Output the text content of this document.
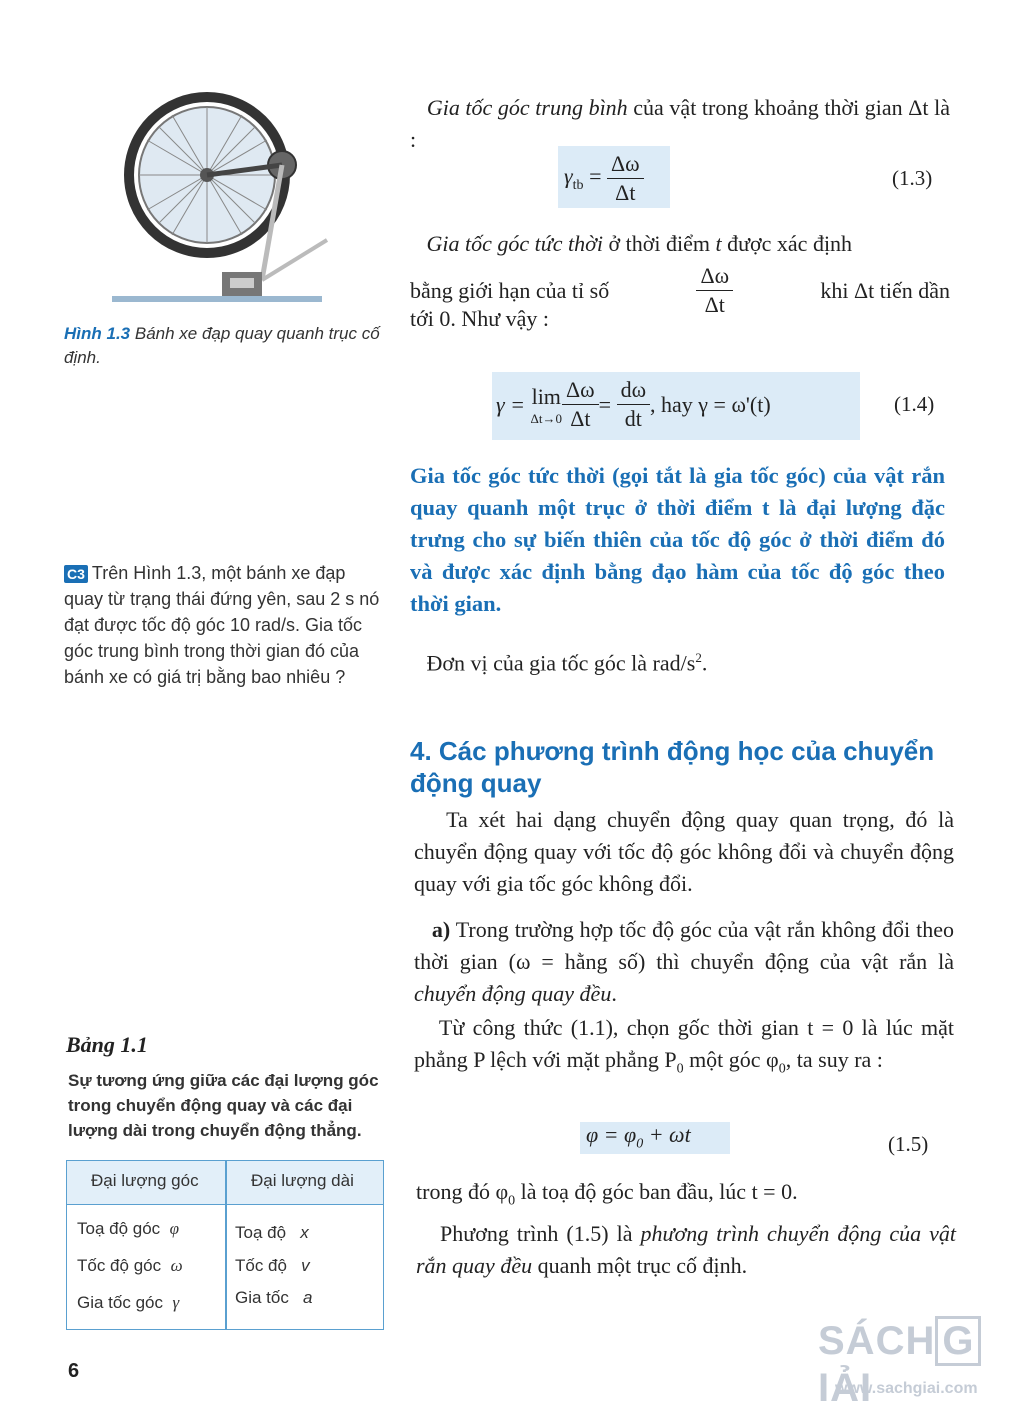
Hình 1.3 Bánh xe đạp quay quanh trục cố định.
C3 Trên Hình 1.3, một bánh xe đạp quay từ trạng thái đứng yên, sau 2 s nó đạt được tốc độ góc 10 rad/s. Gia tốc góc trung bình trong thời gian đó của bánh xe có giá trị bằng bao nhiêu ?
Bảng 1.1
Sự tương ứng giữa các đại lượng góc trong chuyển động quay và các đại lượng dài trong chuyển động thẳng.
Đại lượng góc	Đại lượng dài
Toạ độ góc φ	Toạ độ x
Tốc độ góc ω	Tốc độ v
Gia tốc góc γ	Gia tốc a
6
Gia tốc góc trung bình của vật trong khoảng thời gian Δt là :
$\gamma_{tb} = \frac{\Delta\omega}{\Delta t}$	(1.3)
Gia tốc góc tức thời ở thời điểm t được xác định
bằng giới hạn của tỉ số	$\frac{\Delta\omega}{\Delta t}$	khi Δt tiến dần
tới 0. Như vậy :
γ =
lim
$\Delta t\to 0 \frac{\Delta\omega}{\Delta t}$ =
$\frac{d\omega}{dt}$ , hay γ = ω'(t)	(1.4)
Gia tốc góc tức thời (gọi tắt là gia tốc góc) của vật rắn quay quanh một trục ở thời điểm t là đại lượng đặc trưng cho sự biến thiên của tốc độ góc ở thời điểm đó và được xác định bằng đạo hàm của tốc độ góc theo thời gian.
Đơn vị của gia tốc góc là rad/$s^2$.
4. Các phương trình động học của chuyển động quay
Ta xét hai dạng chuyển động quay quan trọng, đó là chuyển động quay với tốc độ góc không đổi và chuyển động quay với gia tốc góc không đổi.
a) Trong trường hợp tốc độ góc của vật rắn không đổi theo thời gian (ω = hằng số) thì chuyển động của vật rắn là chuyển động quay đều.
Từ công thức (1.1), chọn gốc thời gian t = 0 là lúc mặt phẳng P lệch với mặt phẳng $P_0$ một góc $\varphi_0$, ta suy ra :
$\varphi = \varphi_0 + \omega t$	(1.5)
trong đó $\varphi_0$ là toạ độ góc ban đầu, lúc t = 0.
Phương trình (1.5) là phương trình chuyển động của vật rắn quay đều quanh một trục cố định.
SÁCH GIẢI
www.sachgiai.com
